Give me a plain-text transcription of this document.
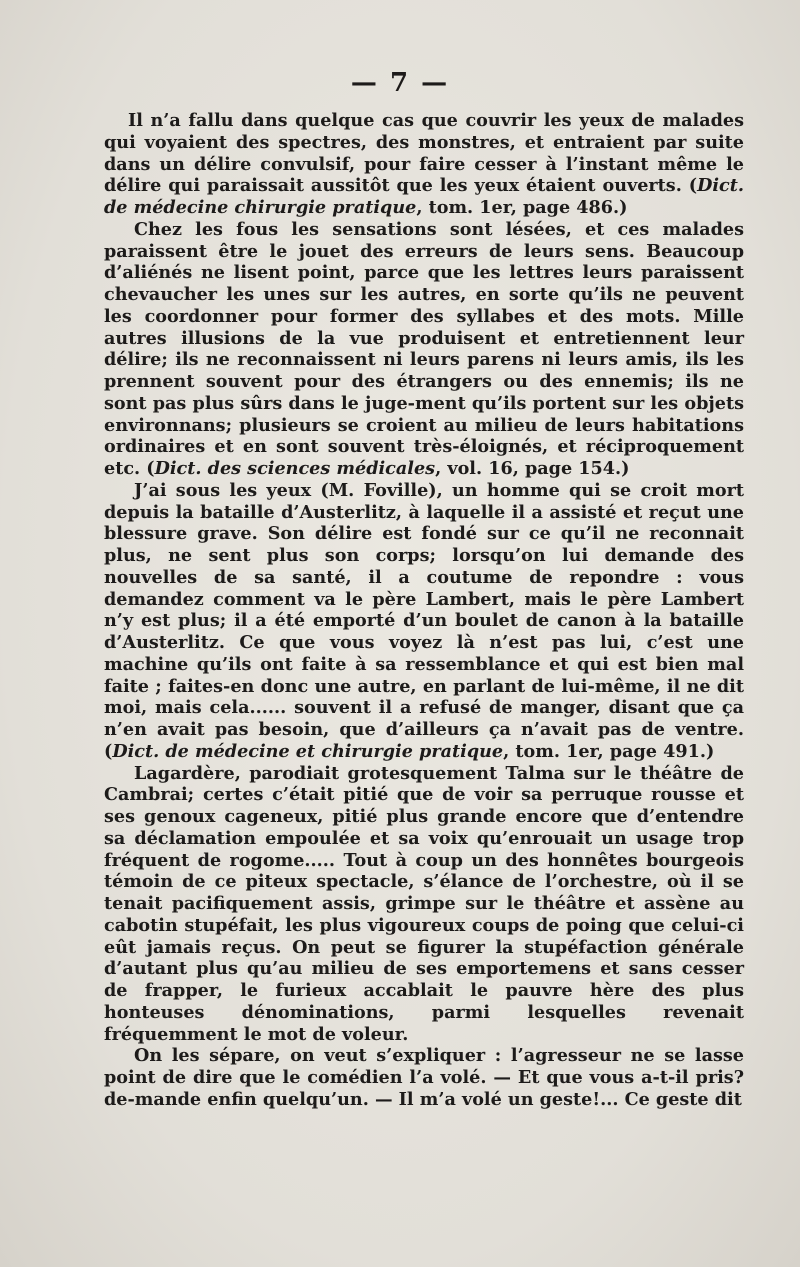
— 7 —

Il n’a fallu dans quelque cas que couvrir les yeux de malades qui voyaient des spectres, des monstres, et entraient par suite dans un délire convulsif, pour faire cesser à l’instant même le délire qui paraissait aussitôt que les yeux étaient ouverts. (Dict. de médecine chirurgie pratique, tom. 1er, page 486.)

Chez les fous les sensations sont lésées, et ces malades paraissent être le jouet des erreurs de leurs sens. Beaucoup d’aliénés ne lisent point, parce que les lettres leurs paraissent chevaucher les unes sur les autres, en sorte qu’ils ne peuvent les coordonner pour former des syllabes et des mots. Mille autres illusions de la vue produisent et entretiennent leur délire; ils ne reconnaissent ni leurs parens ni leurs amis, ils les prennent souvent pour des étrangers ou des ennemis; ils ne sont pas plus sûrs dans le juge-ment qu’ils portent sur les objets environnans; plusieurs se croient au milieu de leurs habitations ordinaires et en sont souvent très-éloignés, et réciproquement etc. (Dict. des sciences médicales, vol. 16, page 154.)

J’ai sous les yeux (M. Foville), un homme qui se croit mort depuis la bataille d’Austerlitz, à laquelle il a assisté et reçut une blessure grave. Son délire est fondé sur ce qu’il ne reconnait plus, ne sent plus son corps; lorsqu’on lui demande des nouvelles de sa santé, il a coutume de repondre : vous demandez comment va le père Lambert, mais le père Lambert n’y est plus; il a été emporté d’un boulet de canon à la bataille d’Austerlitz. Ce que vous voyez là n’est pas lui, c’est une machine qu’ils ont faite à sa ressemblance et qui est bien mal faite ; faites-en donc une autre, en parlant de lui-même, il ne dit moi, mais cela...... souvent il a refusé de manger, disant que ça n’en avait pas besoin, que d’ailleurs ça n’avait pas de ventre. (Dict. de médecine et chirurgie pratique, tom. 1er, page 491.)

Lagardère, parodiait grotesquement Talma sur le théâtre de Cambrai; certes c’était pitié que de voir sa perruque rousse et ses genoux cageneux, pitié plus grande encore que d’entendre sa déclamation empoulée et sa voix qu’enrouait un usage trop fréquent de rogome..... Tout à coup un des honnêtes bourgeois témoin de ce piteux spectacle, s’élance de l’orchestre, où il se tenait pacifiquement assis, grimpe sur le théâtre et assène au cabotin stupéfait, les plus vigoureux coups de poing que celui-ci eût jamais reçus. On peut se figurer la stupéfaction générale d’autant plus qu’au milieu de ses emportemens et sans cesser de frapper, le furieux accablait le pauvre hère des plus honteuses dénominations, parmi lesquelles revenait fréquemment le mot de voleur.

On les sépare, on veut s’expliquer : l’agresseur ne se lasse point de dire que le comédien l’a volé. — Et que vous a-t-il pris? de-mande enfin quelqu’un. — Il m’a volé un geste!... Ce geste dit
